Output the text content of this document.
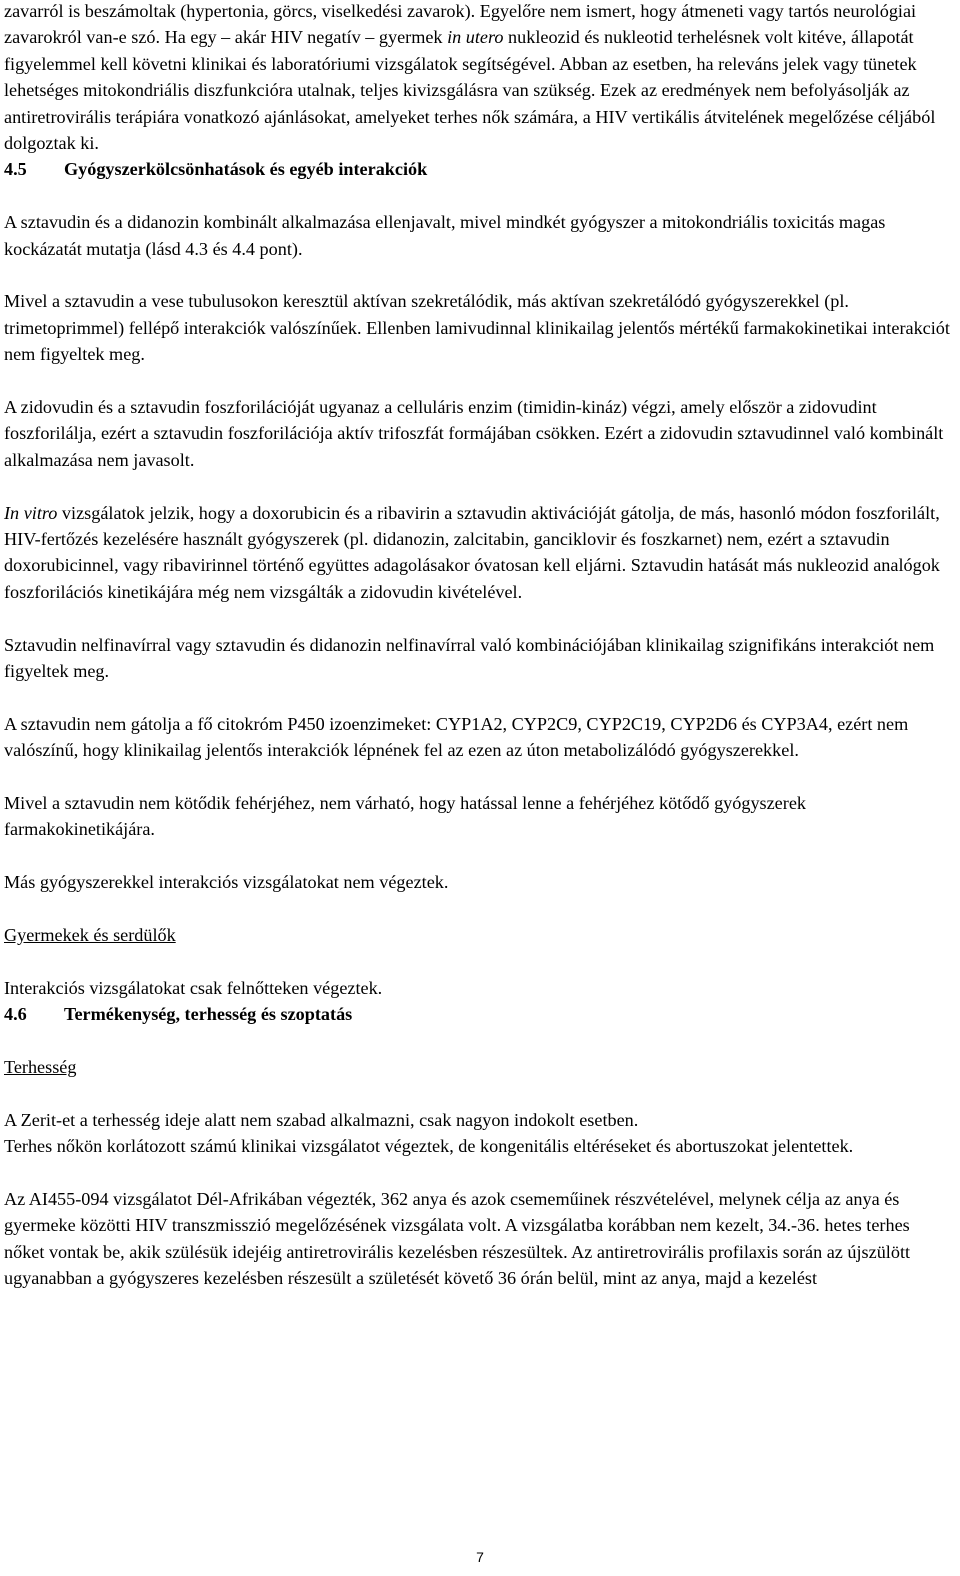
zavarról is beszámoltak (hypertonia, görcs, viselkedési zavarok). Egyelőre nem ismert, hogy átmeneti vagy tartós neurológiai zavarokról van-e szó. Ha egy – akár HIV negatív – gyermek in utero nukleozid és nukleotid terhelésnek volt kitéve, állapotát figyelemmel kell követni klinikai és laboratóriumi vizsgálatok segítségével. Abban az esetben, ha releváns jelek vagy tünetek lehetséges mitokondriális diszfunkcióra utalnak, teljes kivizsgálásra van szükség. Ezek az eredmények nem befolyásolják az antiretrovirális terápiára vonatkozó ajánlásokat, amelyeket terhes nők számára, a HIV vertikális átvitelének megelőzése céljából dolgoztak ki.

4.5 Gyógyszerkölcsönhatások és egyéb interakciók

A sztavudin és a didanozin kombinált alkalmazása ellenjavalt, mivel mindkét gyógyszer a mitokondriális toxicitás magas kockázatát mutatja (lásd 4.3 és 4.4 pont).

Mivel a sztavudin a vese tubulusokon keresztül aktívan szekretálódik, más aktívan szekretálódó gyógyszerekkel (pl. trimetoprimmel) fellépő interakciók valószínűek. Ellenben lamivudinnal klinikailag jelentős mértékű farmakokinetikai interakciót nem figyeltek meg.

A zidovudin és a sztavudin foszforilációját ugyanaz a celluláris enzim (timidin-kináz) végzi, amely először a zidovudint foszforilálja, ezért a sztavudin foszforilációja aktív trifoszfát formájában csökken. Ezért a zidovudin sztavudinnel való kombinált alkalmazása nem javasolt.

In vitro vizsgálatok jelzik, hogy a doxorubicin és a ribavirin a sztavudin aktivációját gátolja, de más, hasonló módon foszforilált, HIV-fertőzés kezelésére használt gyógyszerek (pl. didanozin, zalcitabin, ganciklovir és foszkarnet) nem, ezért a sztavudin doxorubicinnel, vagy ribavirinnel történő együttes adagolásakor óvatosan kell eljárni. Sztavudin hatását más nukleozid analógok foszforilációs kinetikájára még nem vizsgálták a zidovudin kivételével.

Sztavudin nelfinavírral vagy sztavudin és didanozin nelfinavírral való kombinációjában klinikailag szignifikáns interakciót nem figyeltek meg.

A sztavudin nem gátolja a fő citokróm P450 izoenzimeket: CYP1A2, CYP2C9, CYP2C19, CYP2D6 és CYP3A4, ezért nem valószínű, hogy klinikailag jelentős interakciók lépnének fel az ezen az úton metabolizálódó gyógyszerekkel.

Mivel a sztavudin nem kötődik fehérjéhez, nem várható, hogy hatással lenne a fehérjéhez kötődő gyógyszerek farmakokinetikájára.

Más gyógyszerekkel interakciós vizsgálatokat nem végeztek.

Gyermekek és serdülők

Interakciós vizsgálatokat csak felnőtteken végeztek.

4.6 Termékenység, terhesség és szoptatás

Terhesség

A Zerit-et a terhesség ideje alatt nem szabad alkalmazni, csak nagyon indokolt esetben.

Terhes nőkön korlátozott számú klinikai vizsgálatot végeztek, de kongenitális eltéréseket és abortuszokat jelentettek.

Az AI455-094 vizsgálatot Dél-Afrikában végezték, 362 anya és azok csememűinek részvételével, melynek célja az anya és gyermeke közötti HIV transzmisszió megelőzésének vizsgálata volt. A vizsgálatba korábban nem kezelt, 34.-36. hetes terhes nőket vontak be, akik szülésük idejéig antiretrovirális kezelésben részesültek. Az antiretrovirális profilaxis során az újszülött ugyanabban a gyógyszeres kezelésben részesült a születését követő 36 órán belül, mint az anya, majd a kezelést

7
